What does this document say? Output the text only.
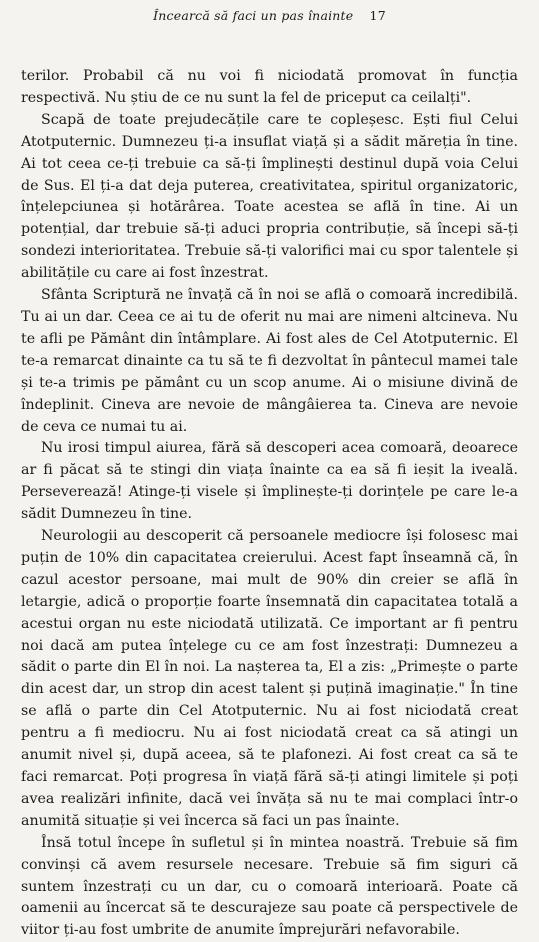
Încearcă să faci un pas înainte 17

terilor. Probabil că nu voi fi niciodată promovat în funcția respectivă. Nu știu de ce nu sunt la fel de priceput ca ceilalți".

Scapă de toate prejudecățile care te copleșesc. Ești fiul Celui Atotputernic. Dumnezeu ți-a insuflat viață și a sădit măreția în tine. Ai tot ceea ce-ți trebuie ca să-ți împlinești destinul după voia Celui de Sus. El ți-a dat deja puterea, creativitatea, spiritul organizatoric, înțelepciunea și hotărârea. Toate acestea se află în tine. Ai un potențial, dar trebuie să-ți aduci propria contribuție, să începi să-ți sondezi interioritatea. Trebuie să-ți valorifici mai cu spor talentele și abilitățile cu care ai fost înzestrat.

Sfânta Scriptură ne învață că în noi se află o comoară incredibilă. Tu ai un dar. Ceea ce ai tu de oferit nu mai are nimeni altcineva. Nu te afli pe Pământ din întâmplare. Ai fost ales de Cel Atotputernic. El te-a remarcat dinainte ca tu să te fi dezvoltat în pântecul mamei tale și te-a trimis pe pământ cu un scop anume. Ai o misiune divină de îndeplinit. Cineva are nevoie de mângâierea ta. Cineva are nevoie de ceva ce numai tu ai.

Nu irosi timpul aiurea, fără să descoperi acea comoară, deoarece ar fi păcat să te stingi din viața înainte ca ea să fi ieșit la iveală. Perseverează! Atinge-ți visele și împlinește-ți dorințele pe care le-a sădit Dumnezeu în tine.

Neurologii au descoperit că persoanele mediocre își folosesc mai puțin de 10% din capacitatea creierului. Acest fapt înseamnă că, în cazul acestor persoane, mai mult de 90% din creier se află în letargie, adică o proporție foarte însemnată din capacitatea totală a acestui organ nu este niciodată utilizată. Ce important ar fi pentru noi dacă am putea înțelege cu ce am fost înzestrați: Dumnezeu a sădit o parte din El în noi. La nașterea ta, El a zis: „Primește o parte din acest dar, un strop din acest talent și puțină imaginație." În tine se află o parte din Cel Atotputernic. Nu ai fost niciodată creat pentru a fi mediocru. Nu ai fost niciodată creat ca să atingi un anumit nivel și, după aceea, să te plafonezi. Ai fost creat ca să te faci remarcat. Poți progresa în viață fără să-ți atingi limitele și poți avea realizări infinite, dacă vei învăța să nu te mai complaci într-o anumită situație și vei încerca să faci un pas înainte.

Însă totul începe în sufletul și în mintea noastră. Trebuie să fim convinși că avem resursele necesare. Trebuie să fim siguri că suntem înzestrați cu un dar, cu o comoară interioară. Poate că oamenii au încercat să te descurajeze sau poate că perspectivele de viitor ți-au fost umbrite de anumite împrejurări nefavorabile.
